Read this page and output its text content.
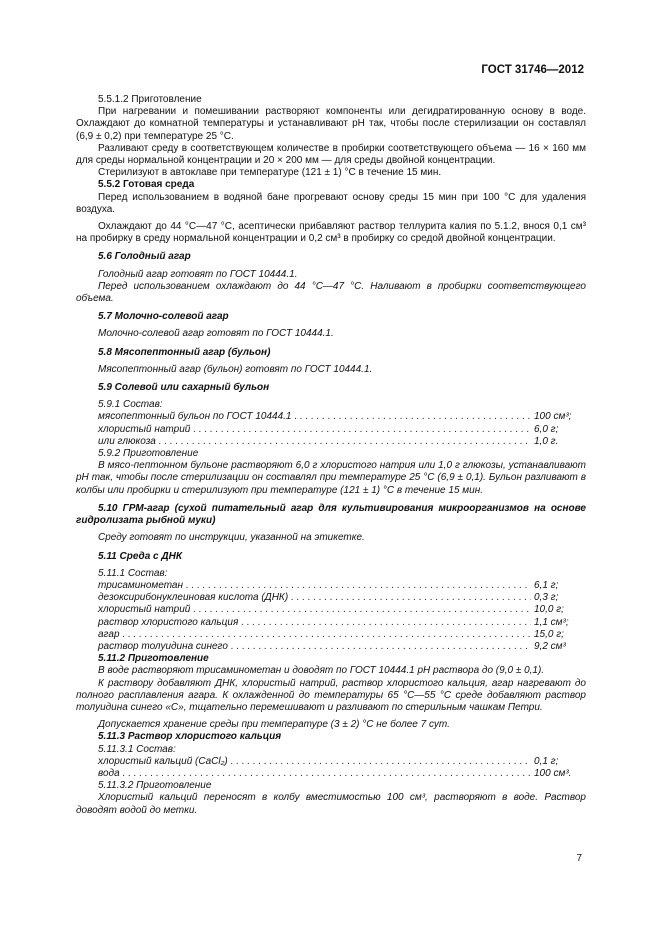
ГОСТ 31746—2012

5.5.1.2 Приготовление

При нагревании и помешивании растворяют компоненты или дегидратированную основу в воде. Охлаждают до комнатной температуры и устанавливают pH так, чтобы после стерилизации он составлял (6,9 ± 0,2) при температуре 25 °С.

Разливают среду в соответствующем количестве в пробирки соответствующего объема — 16 × 160 мм для среды нормальной концентрации и 20 × 200 мм — для среды двойной концентрации.

Стерилизуют в автоклаве при температуре (121 ± 1) °С в течение 15 мин.

5.5.2 Готовая среда

Перед использованием в водяной бане прогревают основу среды 15 мин при 100 °С для удаления воздуха.

Охлаждают до 44 °С—47 °С, асептически прибавляют раствор теллурита калия по 5.1.2, внося 0,1 см³ на пробирку в среду нормальной концентрации и 0,2 см³ в пробирку со средой двойной концентрации.

5.6 Голодный агар

Голодный агар готовят по ГОСТ 10444.1.

Перед использованием охлаждают до 44 °С—47 °С. Наливают в пробирки соответствующего объема.

5.7 Молочно-солевой агар

Молочно-солевой агар готовят по ГОСТ 10444.1.

5.8 Мясопептонный агар (бульон)

Мясопептонный агар (бульон) готовят по ГОСТ 10444.1.

5.9 Солевой или сахарный бульон

5.9.1 Состав:

мясопептонный бульон по ГОСТ 10444.1 . . .	100 см³;
хлористый натрий . . .	6,0 г;
или глюкоза . . .	1,0 г.

5.9.2 Приготовление

В мясо-пептонном бульоне растворяют 6,0 г хлористого натрия или 1,0 г глюкозы, устанавливают pH так, чтобы после стерилизации он составлял при температуре 25 °С (6,9 ± 0,1). Бульон разливают в колбы или пробирки и стерилизуют при температуре (121 ± 1) °С в течение 15 мин.

5.10 ГРМ-агар (сухой питательный агар для культивирования микроорганизмов на основе гидролизата рыбной муки)

Среду готовят по инструкции, указанной на этикетке.

5.11 Среда с ДНК

5.11.1 Состав:

трисаминометан . . .	6,1 г;
дезоксирибонуклеиновая кислота (ДНК) . . .	0,3 г;
хлористый натрий . . .	10,0 г;
раствор хлористого кальция . . .	1,1 см³;
агар . . .	15,0 г;
раствор толуидина синего . . .	9,2 см³

5.11.2 Приготовление

В воде растворяют трисаминометан и доводят по ГОСТ 10444.1 pH раствора до (9,0 ± 0,1).

К раствору добавляют ДНК, хлористый натрий, раствор хлористого кальция, агар нагревают до полного расплавления агара. К охлажденной до температуры 65 °С—55 °С среде добавляют раствор толуидина синего «С», тщательно перемешивают и разливают по стерильным чашкам Петри.

Допускается хранение среды при температуре (3 ± 2) °С не более 7 сут.

5.11.3 Раствор хлористого кальция

5.11.3.1 Состав:

хлористый кальций (CaCl₂) . . .	0,1 г;
вода . . .	100 см³.

5.11.3.2 Приготовление

Хлористый кальций переносят в колбу вместимостью 100 см³, растворяют в воде. Раствор доводят водой до метки.

7
